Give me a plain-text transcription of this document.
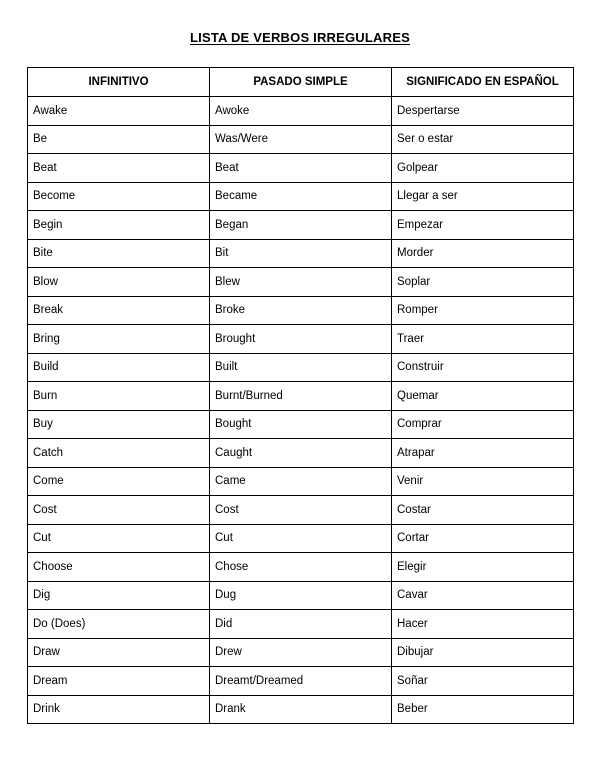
LISTA DE VERBOS IRREGULARES
INFINITIVO	PASADO SIMPLE	SIGNIFICADO EN ESPAÑOL
Awake	Awoke	Despertarse
Be	Was/Were	Ser o estar
Beat	Beat	Golpear
Become	Became	Llegar a ser
Begin	Began	Empezar
Bite	Bit	Morder
Blow	Blew	Soplar
Break	Broke	Romper
Bring	Brought	Traer
Build	Built	Construir
Burn	Burnt/Burned	Quemar
Buy	Bought	Comprar
Catch	Caught	Atrapar
Come	Came	Venir
Cost	Cost	Costar
Cut	Cut	Cortar
Choose	Chose	Elegir
Dig	Dug	Cavar
Do (Does)	Did	Hacer
Draw	Drew	Dibujar
Dream	Dreamt/Dreamed	Soñar
Drink	Drank	Beber
